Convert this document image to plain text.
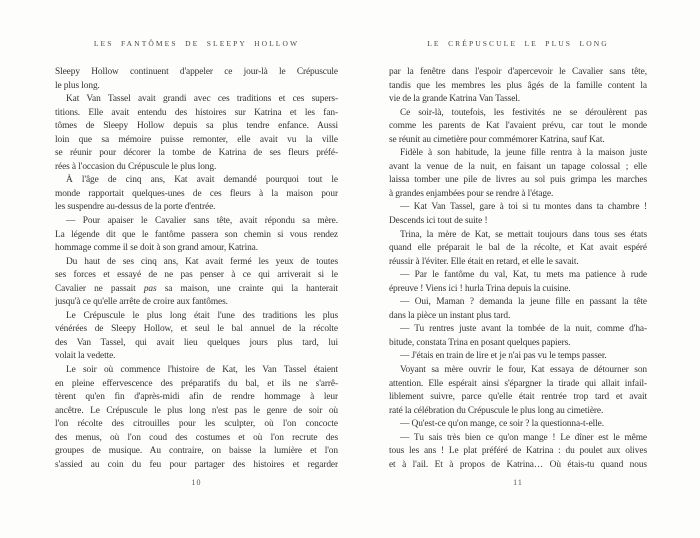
LES FANTÔMES DE SLEEPY HOLLOW	LE CRÉPUSCULE LE PLUS LONG
Sleepy Hollow continuent d'appeler ce jour-là le Crépuscule
le plus long.
Kat Van Tassel avait grandi avec ces traditions et ces supers-
titions. Elle avait entendu des histoires sur Katrina et les fan-
tômes de Sleepy Hollow depuis sa plus tendre enfance. Aussi
loin que sa mémoire puisse remonter, elle avait vu la ville
se réunir pour décorer la tombe de Katrina de ses fleurs préfé-
rées à l'occasion du Crépuscule le plus long.
À l'âge de cinq ans, Kat avait demandé pourquoi tout le
monde rapportait quelques-unes de ces fleurs à la maison pour
les suspendre au-dessus de la porte d'entrée.
— Pour apaiser le Cavalier sans tête, avait répondu sa mère.
La légende dit que le fantôme passera son chemin si vous rendez
hommage comme il se doit à son grand amour, Katrina.
Du haut de ses cinq ans, Kat avait fermé les yeux de toutes
ses forces et essayé de ne pas penser à ce qui arriverait si le
Cavalier ne passait pas sa maison, une crainte qui la hanterait
jusqu'à ce qu'elle arrête de croire aux fantômes.
Le Crépuscule le plus long était l'une des traditions les plus
vénérées de Sleepy Hollow, et seul le bal annuel de la récolte
des Van Tassel, qui avait lieu quelques jours plus tard, lui
volait la vedette.
Le soir où commence l'histoire de Kat, les Van Tassel étaient
en pleine effervescence des préparatifs du bal, et ils ne s'arrê-
tèrent qu'en fin d'après-midi afin de rendre hommage à leur
ancêtre. Le Crépuscule le plus long n'est pas le genre de soir où
l'on récolte des citrouilles pour les sculpter, où l'on concocte
des menus, où l'on coud des costumes et où l'on recrute des
groupes de musique. Au contraire, on baisse la lumière et l'on
s'assied au coin du feu pour partager des histoires et regarder
par la fenêtre dans l'espoir d'apercevoir le Cavalier sans tête,
tandis que les membres les plus âgés de la famille content la
vie de la grande Katrina Van Tassel.
Ce soir-là, toutefois, les festivités ne se déroulèrent pas
comme les parents de Kat l'avaient prévu, car tout le monde
se réunit au cimetière pour commémorer Katrina, sauf Kat.
Fidèle à son habitude, la jeune fille rentra à la maison juste
avant la venue de la nuit, en faisant un tapage colossal ; elle
laissa tomber une pile de livres au sol puis grimpa les marches
à grandes enjambées pour se rendre à l'étage.
— Kat Van Tassel, gare à toi si tu montes dans ta chambre !
Descends ici tout de suite !
Trina, la mère de Kat, se mettait toujours dans tous ses états
quand elle préparait le bal de la récolte, et Kat avait espéré
réussir à l'éviter. Elle était en retard, et elle le savait.
— Par le fantôme du val, Kat, tu mets ma patience à rude
épreuve ! Viens ici ! hurla Trina depuis la cuisine.
— Oui, Maman ? demanda la jeune fille en passant la tête
dans la pièce un instant plus tard.
— Tu rentres juste avant la tombée de la nuit, comme d'ha-
bitude, constata Trina en posant quelques papiers.
— J'étais en train de lire et je n'ai pas vu le temps passer.
Voyant sa mère ouvrir le four, Kat essaya de détourner son
attention. Elle espérait ainsi s'épargner la tirade qui allait infail-
liblement suivre, parce qu'elle était rentrée trop tard et avait
raté la célébration du Crépuscule le plus long au cimetière.
— Qu'est-ce qu'on mange, ce soir ? la questionna-t-elle.
— Tu sais très bien ce qu'on mange ! Le dîner est le même
tous les ans ! Le plat préféré de Katrina : du poulet aux olives
et à l'ail. Et à propos de Katrina… Où étais-tu quand nous
10	11
